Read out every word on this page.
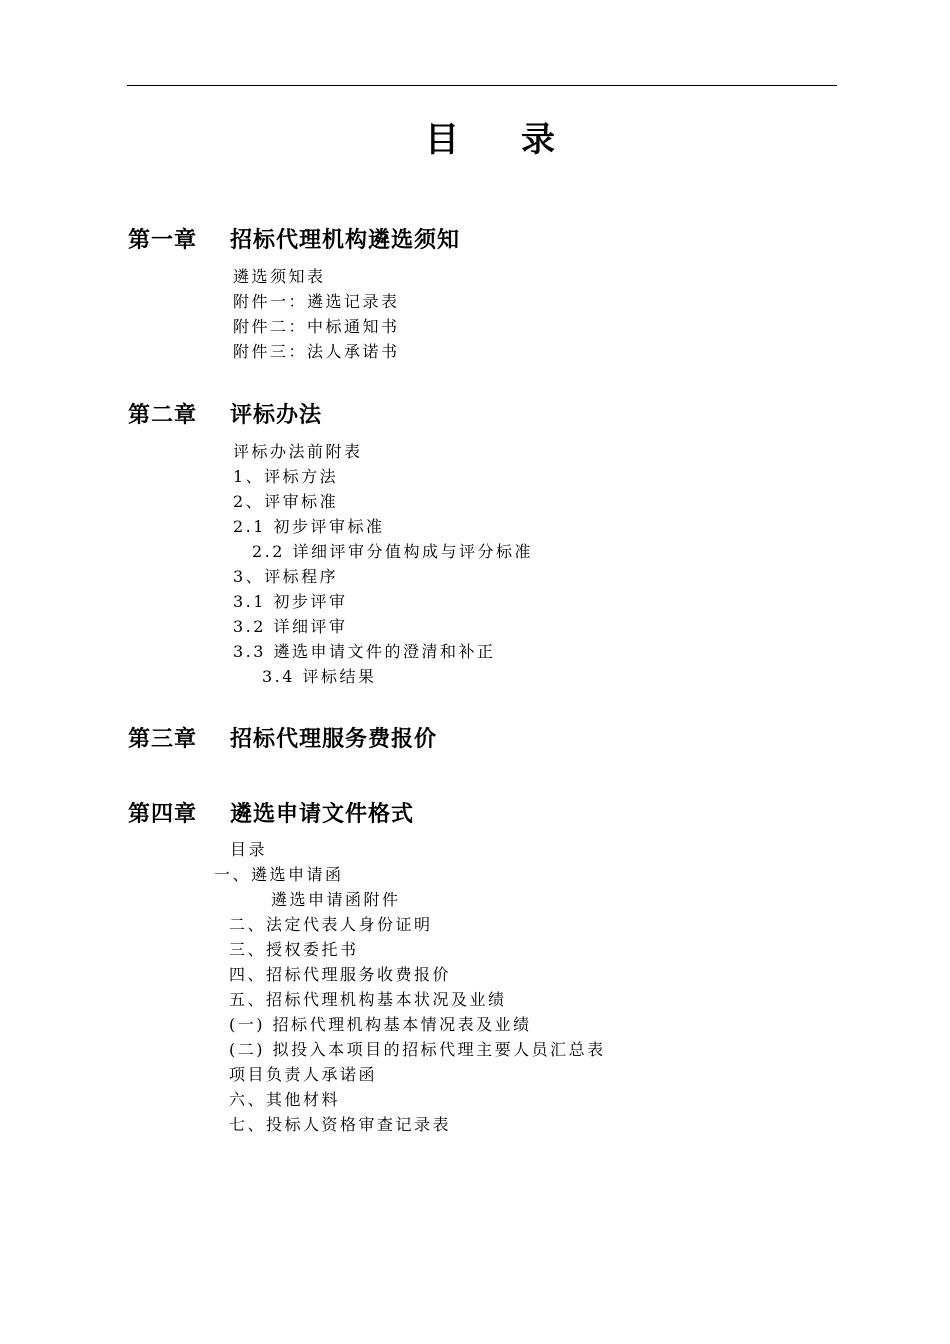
目 录
第一章 招标代理机构遴选须知
遴选须知表
附件一：遴选记录表
附件二：中标通知书
附件三：法人承诺书
第二章 评标办法
评标办法前附表
1、评标方法
2、评审标准
2.1 初步评审标准
2.2 详细评审分值构成与评分标准
3、评标程序
3.1 初步评审
3.2 详细评审
3.3 遴选申请文件的澄清和补正
3.4 评标结果
第三章 招标代理服务费报价
第四章 遴选申请文件格式
目录
一、遴选申请函
遴选申请函附件
二、法定代表人身份证明
三、授权委托书
四、招标代理服务收费报价
五、招标代理机构基本状况及业绩
(一) 招标代理机构基本情况表及业绩
(二) 拟投入本项目的招标代理主要人员汇总表
项目负责人承诺函
六、其他材料
七、投标人资格审查记录表
